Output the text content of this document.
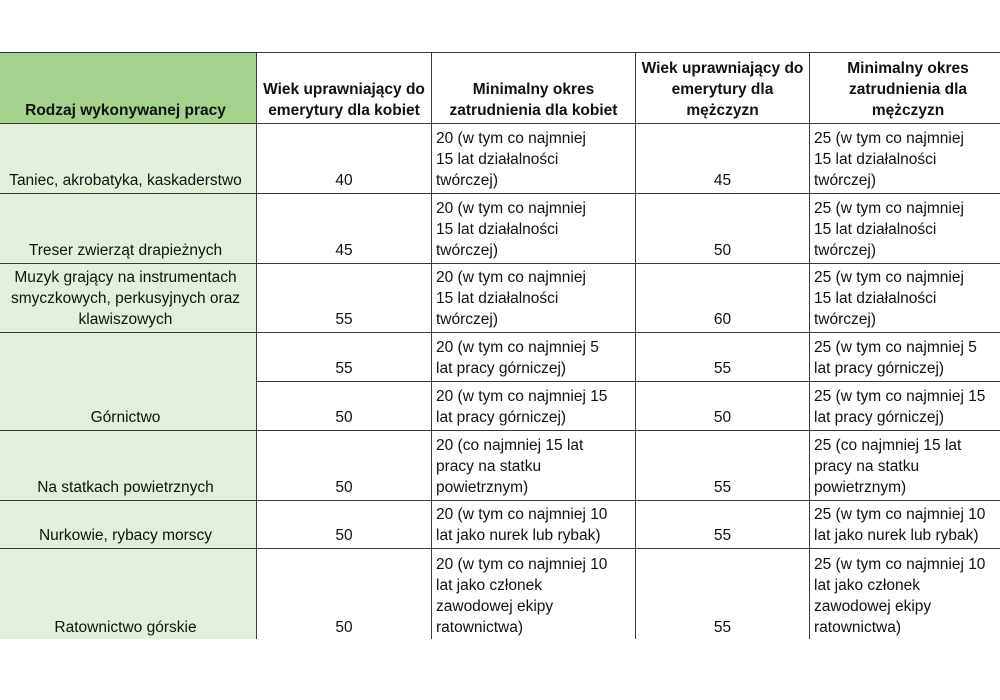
Rodzaj wykonywanej pracy	Wiek uprawniający do emerytury dla kobiet	Minimalny okres zatrudnienia dla kobiet	Wiek uprawniający do emerytury dla mężczyzn	Minimalny okres zatrudnienia dla mężczyzn
Taniec, akrobatyka, kaskaderstwo	40	20 (w tym co najmniej
15 lat działalności
twórczej)	45	25 (w tym co najmniej
15 lat działalności
twórczej)

Treser zwierząt drapieżnych	45	20 (w tym co najmniej
15 lat działalności
twórczej)	50	25 (w tym co najmniej
15 lat działalności
twórczej)

Muzyk grający na instrumentach smyczkowych, perkusyjnych oraz klawiszowych	55	20 (w tym co najmniej
15 lat działalności
twórczej)	60	25 (w tym co najmniej
15 lat działalności
twórczej)

Górnictwo	55	20 (w tym co najmniej 5
lat pracy górniczej)	55	25 (w tym co najmniej 5
lat pracy górniczej)

	50	20 (w tym co najmniej 15
lat pracy górniczej)	50	25 (w tym co najmniej 15
lat pracy górniczej)

Na statkach powietrznych	50	20 (co najmniej 15 lat
pracy na statku
powietrznym)	55	25 (co najmniej 15 lat
pracy na statku
powietrznym)

Nurkowie, rybacy morscy	50	20 (w tym co najmniej 10
lat jako nurek lub rybak)	55	25 (w tym co najmniej 10
lat jako nurek lub rybak)

Ratownictwo górskie	50	20 (w tym co najmniej 10
lat jako członek
zawodowej ekipy
ratownictwa)	55	25 (w tym co najmniej 10
lat jako członek
zawodowej ekipy
ratownictwa)
